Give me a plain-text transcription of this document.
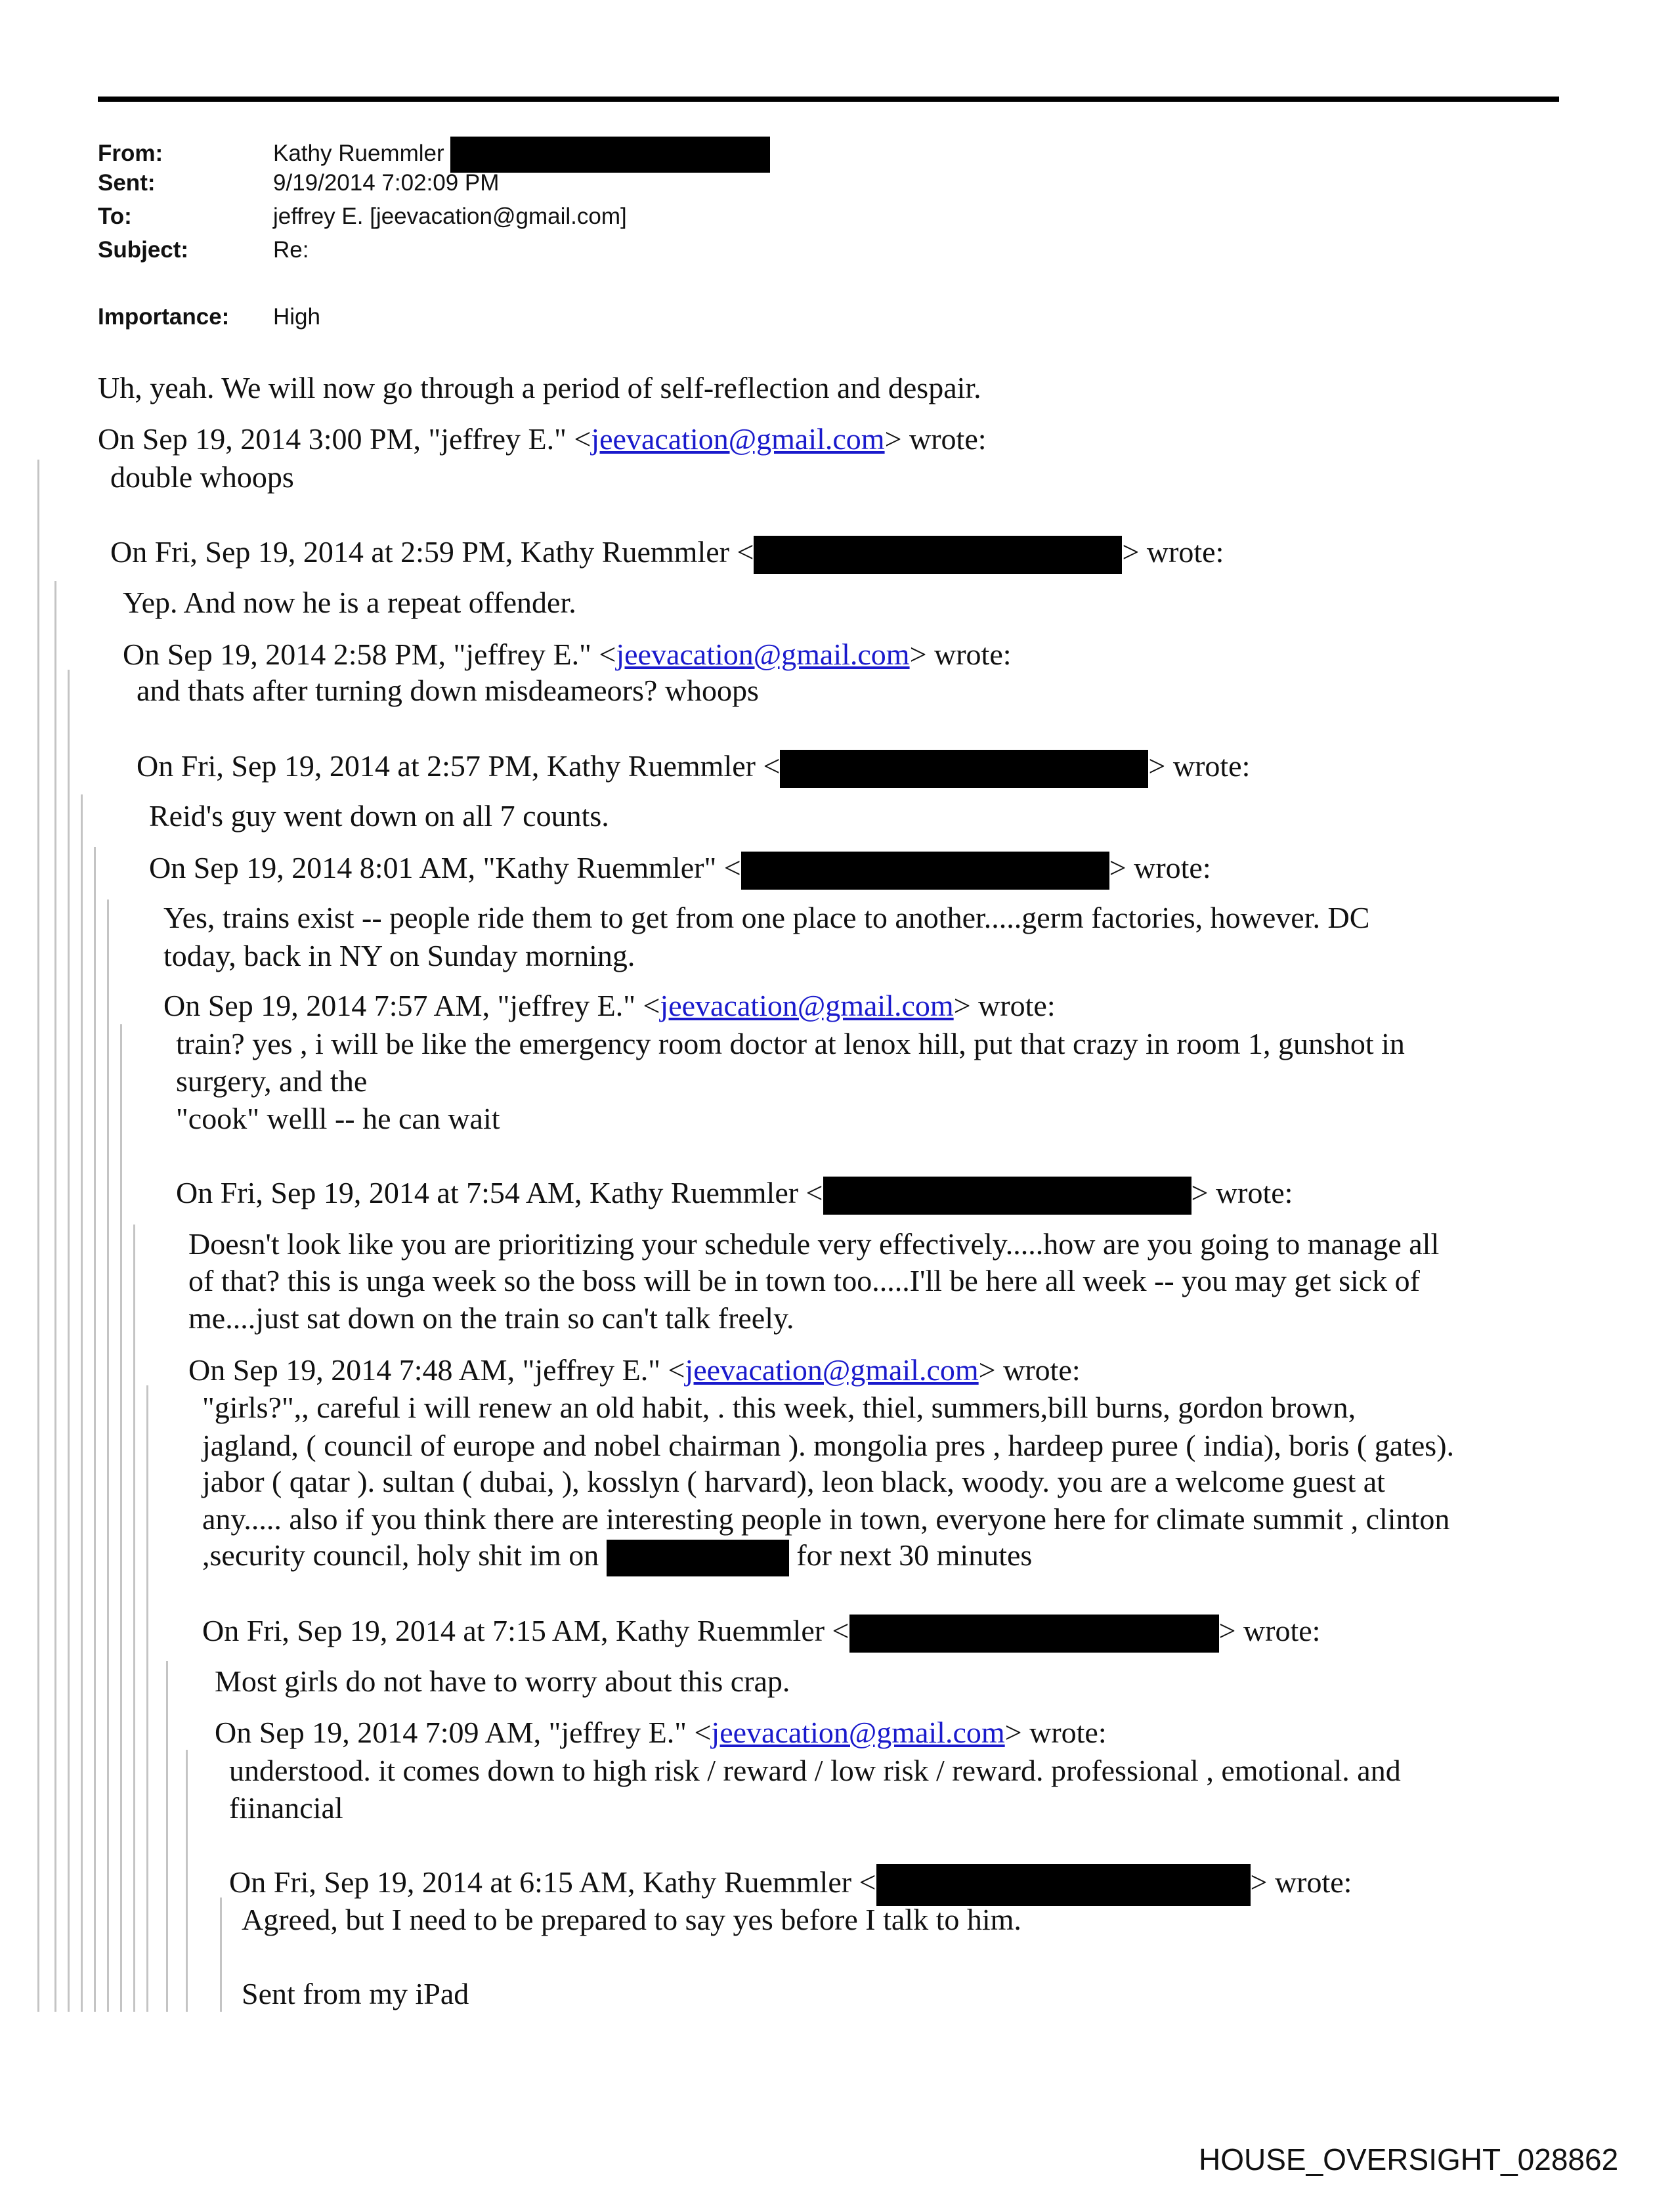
From:	Kathy Ruemmler
Sent:	9/19/2014 7:02:09 PM
To:	jeffrey E. [jeevacation@gmail.com]
Subject:	Re:
Importance: High
Uh, yeah. We will now go through a period of self-reflection and despair.
On Sep 19, 2014 3:00 PM, "jeffrey E." <jeevacation@gmail.com> wrote:
double whoops
On Fri, Sep 19, 2014 at 2:59 PM, Kathy Ruemmler <	> wrote:
Yep. And now he is a repeat offender.
On Sep 19, 2014 2:58 PM, "jeffrey E." <jeevacation@gmail.com> wrote:
and thats after turning down misdeameors? whoops
On Fri, Sep 19, 2014 at 2:57 PM, Kathy Ruemmler <	> wrote:
Reid's guy went down on all 7 counts.
On Sep 19, 2014 8:01 AM, "Kathy Ruemmler" <	> wrote:
Yes, trains exist -- people ride them to get from one place to another.....germ factories, however. DC
today, back in NY on Sunday morning.
On Sep 19, 2014 7:57 AM, "jeffrey E." <jeevacation@gmail.com> wrote:
train? yes , i will be like the emergency room doctor at lenox hill, put that crazy in room 1, gunshot in
surgery, and the
"cook" welll -- he can wait
On Fri, Sep 19, 2014 at 7:54 AM, Kathy Ruemmler <	> wrote:
Doesn't look like you are prioritizing your schedule very effectively.....how are you going to manage all
of that? this is unga week so the boss will be in town too.....I'll be here all week -- you may get sick of
me....just sat down on the train so can't talk freely.
On Sep 19, 2014 7:48 AM, "jeffrey E." <jeevacation@gmail.com> wrote:
"girls?",, careful i will renew an old habit, . this week, thiel, summers,bill burns, gordon brown,
jagland, ( council of europe and nobel chairman ). mongolia pres , hardeep puree ( india), boris ( gates).
jabor ( qatar ). sultan ( dubai, ), kosslyn ( harvard), leon black, woody. you are a welcome guest at
any..... also if you think there are interesting people in town, everyone here for climate summit , clinton
,security council, holy shit im on	for next 30 minutes
On Fri, Sep 19, 2014 at 7:15 AM, Kathy Ruemmler <	> wrote:
Most girls do not have to worry about this crap.
On Sep 19, 2014 7:09 AM, "jeffrey E." <jeevacation@gmail.com> wrote:
understood. it comes down to high risk / reward / low risk / reward. professional , emotional. and
fiinancial
On Fri, Sep 19, 2014 at 6:15 AM, Kathy Ruemmler <	> wrote:
Agreed, but I need to be prepared to say yes before I talk to him.
Sent from my iPad
HOUSE_OVERSIGHT_028862
